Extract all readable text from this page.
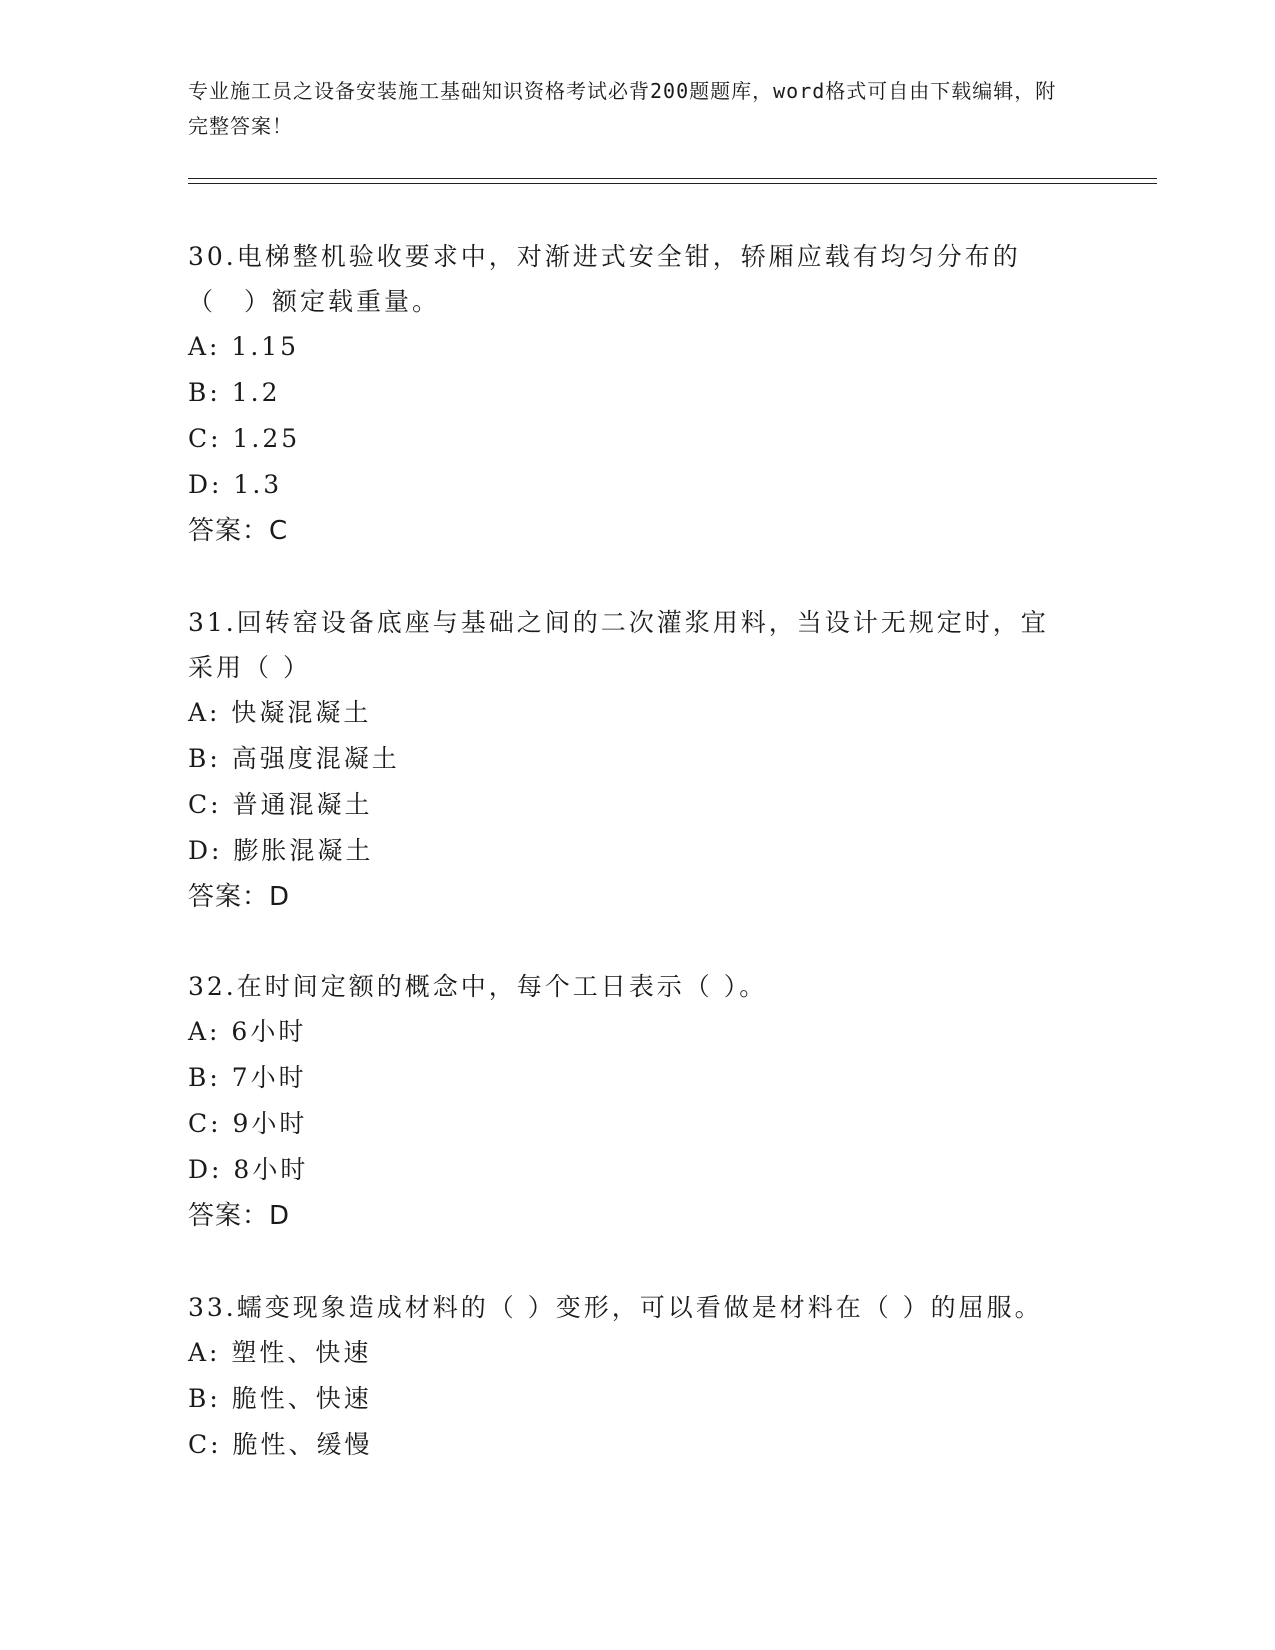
专业施工员之设备安装施工基础知识资格考试必背200题题库，word格式可自由下载编辑，附完整答案！
30.电梯整机验收要求中，对渐进式安全钳，轿厢应载有均匀分布的（　）额定载重量。
A: 1.15
B: 1.2
C: 1.25
D: 1.3
答案：C
31.回转窑设备底座与基础之间的二次灌浆用料，当设计无规定时，宜采用（ ）
A: 快凝混凝土
B: 高强度混凝土
C: 普通混凝土
D: 膨胀混凝土
答案：D
32.在时间定额的概念中，每个工日表示（ ）。
A: 6小时
B: 7小时
C: 9小时
D: 8小时
答案：D
33.蠕变现象造成材料的（ ）变形，可以看做是材料在（ ）的屈服。
A: 塑性、快速
B: 脆性、快速
C: 脆性、缓慢
